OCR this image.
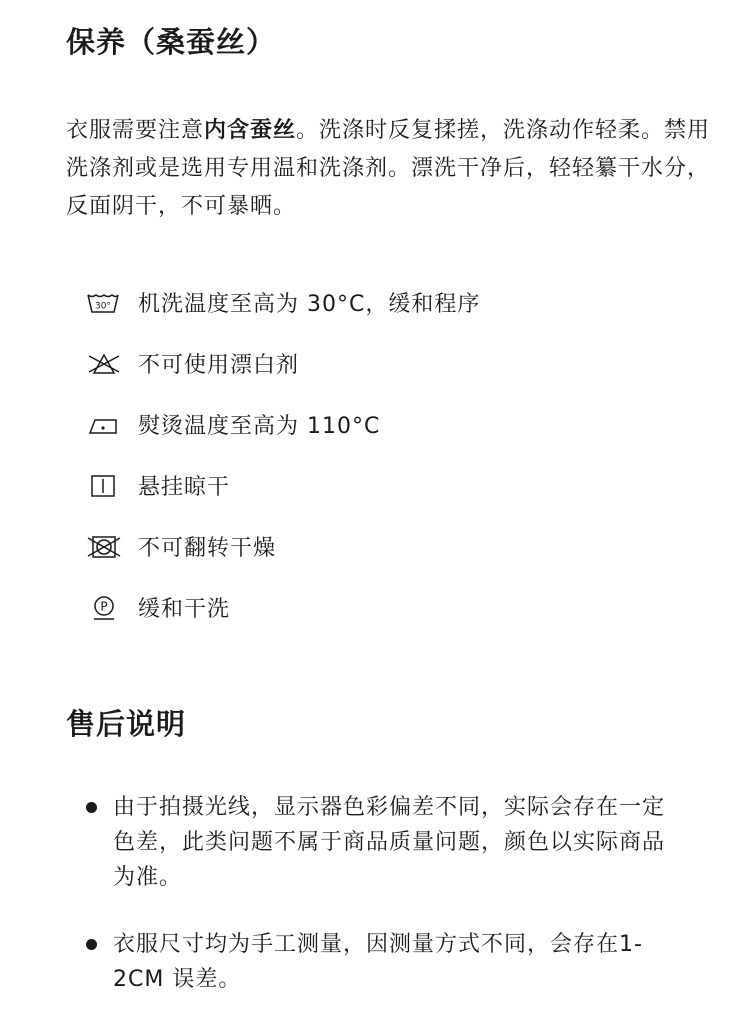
保养（桑蚕丝）

衣服需要注意内含蚕丝。洗涤时反复揉搓，洗涤动作轻柔。禁用洗涤剂或是选用专用温和洗涤剂。漂洗干净后，轻轻纂干水分，反面阴干，不可暴晒。

30° 机洗温度至高为 30°C，缓和程序
不可使用漂白剂
熨烫温度至高为 110°C
悬挂晾干
不可翻转干燥
P 缓和干洗
售后说明
由于拍摄光线，显示器色彩偏差不同，实际会存在一定色差，此类问题不属于商品质量问题，颜色以实际商品为准。
衣服尺寸均为手工测量，因测量方式不同，会存在1-2CM 误差。
